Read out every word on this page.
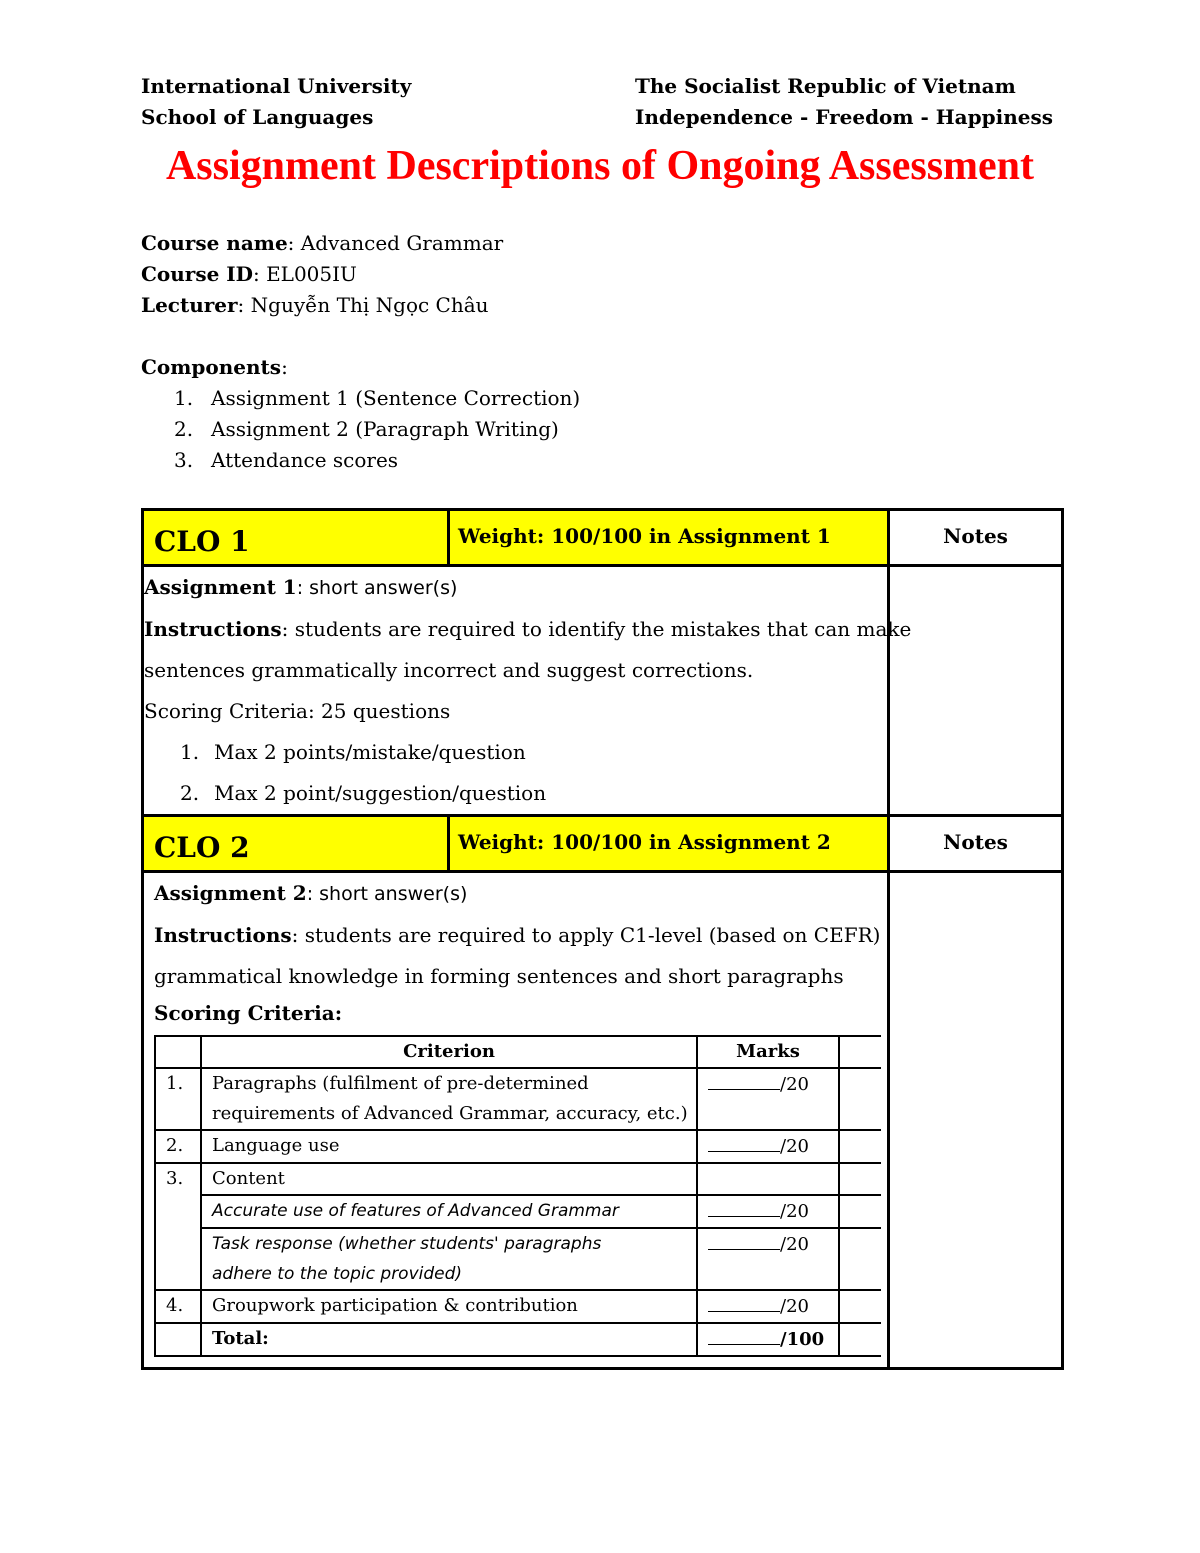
International University
School of Languages
The Socialist Republic of Vietnam
Independence - Freedom - Happiness
Assignment Descriptions of Ongoing Assessment
Course name: Advanced Grammar
Course ID: EL005IU
Lecturer: Nguyễn Thị Ngọc Châu
Components:
1. Assignment 1 (Sentence Correction)
2. Assignment 2 (Paragraph Writing)
3. Attendance scores
CLO 1	Weight: 100/100 in Assignment 1	Notes

Assignment 1: short answer(s)
Instructions: students are required to identify the mistakes that can make
sentences grammatically incorrect and suggest corrections.
Scoring Criteria: 25 questions
1. Max 2 points/mistake/question
2. Max 2 point/suggestion/question

CLO 2	Weight: 100/100 in Assignment 2	Notes

Assignment 2: short answer(s)
Instructions: students are required to apply C1-level (based on CEFR)
grammatical knowledge in forming sentences and short paragraphs
Scoring Criteria:
	Criterion	Marks	
1.	Paragraphs (fulfilment of pre-determined
requirements of Advanced Grammar, accuracy, etc.)
	/20	
2.	Language use	/20	
3.	Content		
Accurate use of features of Advanced Grammar	/20	

Task response (whether students' paragraphs
adhere to the topic provided)
	/20	
4.	Groupwork participation & contribution	/20	
	Total:	/100	
